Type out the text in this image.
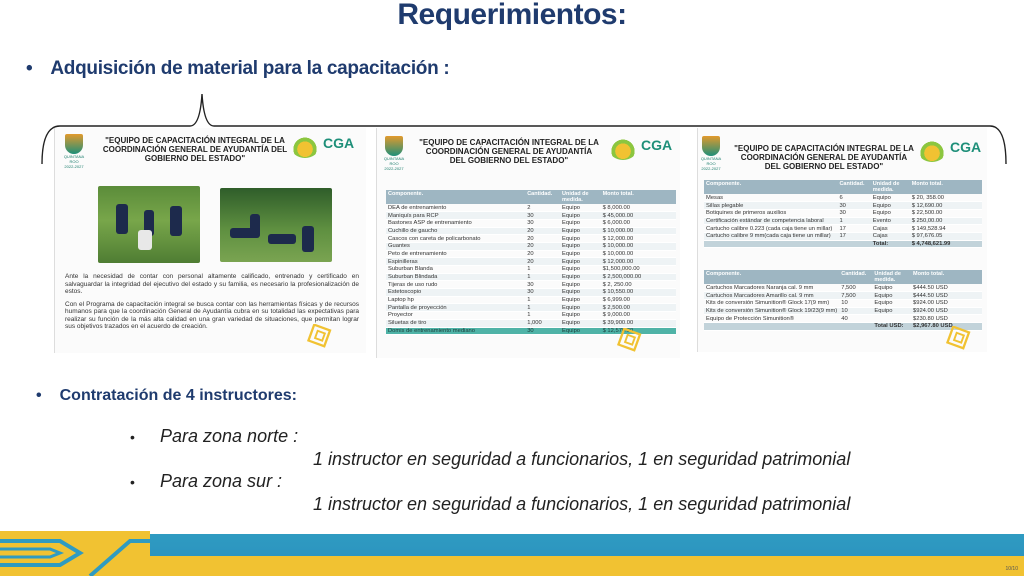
Requerimientos:
• Adquisición de material para la capacitación :
QUINTANA ROO
2022-2027
"EQUIPO DE CAPACITACIÓN INTEGRAL DE LA COORDINACIÓN GENERAL DE AYUDANTÍA DEL GOBIERNO DEL ESTADO"
CGA

Ante la necesidad de contar con personal altamente calificado, entrenado y certificado en salvaguardar la integridad del ejecutivo del estado y su familia, es necesario la profesionalización de estos.

Con el Programa de capacitación integral se busca contar con las herramientas físicas y de recursos humanos para que la coordinación General de Ayudantía cubra en su totalidad las expectativas para realizar su función de la más alta calidad en una gran variedad de situaciones, que permitan lograr sus objetivos trazados en el acuerdo de creación.

QUINTANA ROO
2022-2027
"EQUIPO DE CAPACITACIÓN INTEGRAL DE LA COORDINACIÓN GENERAL DE AYUDANTÍA DEL GOBIERNO DEL ESTADO"
CGA
Componente.	Cantidad.	Unidad de medida.	Monto total.
DEA de entrenamiento	2	Equipo	$ 8,000.00
Maniquís para RCP	30	Equipo	$ 45,000.00
Bastones ASP de entrenamiento	30	Equipo	$ 6,000.00
Cuchillo de gaucho	20	Equipo	$ 10,000.00
Cascos con careta de policarbonato	20	Equipo	$ 12,000.00
Guantes	20	Equipo	$ 10,000.00
Peto de entrenamiento	20	Equipo	$ 10,000.00
Espinilleras	20	Equipo	$ 12,000.00
Suburban Blanda	1	Equipo	$1,500,000.00
Suburban Blindada	1	Equipo	$ 2,500,000.00
Tijeras de uso rudo	30	Equipo	$ 2, 250.00
Estetoscopio	30	Equipo	$ 10,550.00
Laptop hp	1	Equipo	$ 6,999.00
Pantalla de proyección	1	Equipo	$ 2,500.00
Proyector	1	Equipo	$ 9,000.00
Siluetas de tiro	1,000	Equipo	$ 39,900.00
Domis de entrenamiento mediano	30	Equipo	$ 12,570.00
QUINTANA ROO
2022-2027
"EQUIPO DE CAPACITACIÓN INTEGRAL DE LA COORDINACIÓN GENERAL DE AYUDANTÍA DEL GOBIERNO DEL ESTADO"
CGA
Componente.	Cantidad.	Unidad de medida.	Monto total.
Mesas	6	Equipo	$ 20, 358.00
Sillas plegable	30	Equipo	$ 12,690.00
Botiquines de primeros auxilios	30	Equipo	$ 22,500.00
Certificación estándar de competencia laboral	1	Evento	$ 250,00.00
Cartucho calibre 0.223 (cada caja tiene un millar)	17	Cajas	$ 149,528.94
Cartucho calibre 9 mm(cada caja tiene un millar)	17	Cajas	$ 97,676.05
		Total:	$ 4,748,621.99
Componente.	Cantidad.	Unidad de medida.	Monto total.
Cartuchos Marcadores Naranja cal. 9 mm	7,500	Equipo	$444.50 USD
Cartuchos Marcadores Amarillo cal. 9 mm	7,500	Equipo	$444.50 USD
Kits de conversión Simunition® Glock 17(9 mm)	10	Equipo	$924.00 USD
Kits de conversión Simunition® Glock 19/23(9 mm)	10	Equipo	$924.00 USD
Equipo de Protección Simunition®	40		$230.80 USD
		Total USD:	$2,967.80 USD
• Contratación de 4 instructores:
• Para zona norte :
1 instructor en seguridad a funcionarios, 1 en seguridad patrimonial
• Para zona sur :
1 instructor en seguridad a funcionarios, 1 en seguridad patrimonial
10/10
